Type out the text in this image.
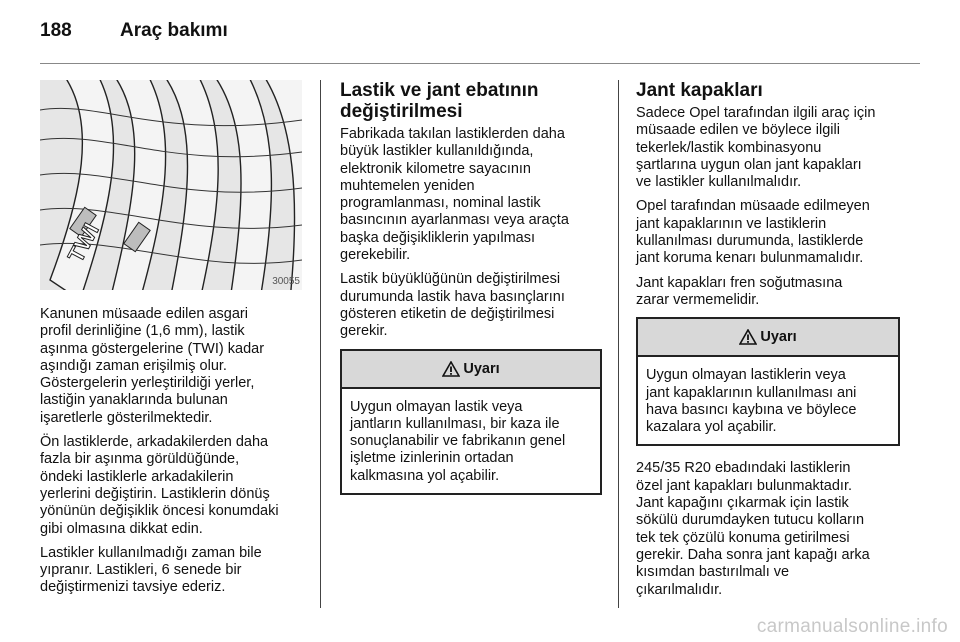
188	Araç bakımı
TWI
30055

Kanunen müsaade edilen asgari
profil derinliğine (1,6 mm), lastik
aşınma göstergelerine (TWI) kadar
aşındığı zaman erişilmiş olur.
Göstergelerin yerleştirildiği yerler,
lastiğin yanaklarında bulunan
işaretlerle gösterilmektedir.

Ön lastiklerde, arkadakilerden daha
fazla bir aşınma görüldüğünde,
öndeki lastiklerle arkadakilerin
yerlerini değiştirin. Lastiklerin dönüş
yönünün değişiklik öncesi konumdaki
gibi olmasına dikkat edin.

Lastikler kullanılmadığı zaman bile
yıpranır. Lastikleri, 6 senede bir
değiştirmenizi tavsiye ederiz.

Lastik ve jant ebatının
değiştirilmesi

Fabrikada takılan lastiklerden daha
büyük lastikler kullanıldığında,
elektronik kilometre sayacının
muhtemelen yeniden
programlanması, nominal lastik
basıncının ayarlanması veya araçta
başka değişikliklerin yapılması
gerekebilir.

Lastik büyüklüğünün değiştirilmesi
durumunda lastik hava basınçlarını
gösteren etiketin de değiştirilmesi
gerekir.

Uyarı
Uygun olmayan lastik veya
jantların kullanılması, bir kaza ile
sonuçlanabilir ve fabrikanın genel
işletme izinlerinin ortadan
kalkmasına yol açabilir.
Jant kapakları

Sadece Opel tarafından ilgili araç için
müsaade edilen ve böylece ilgili
tekerlek/lastik kombinasyonu
şartlarına uygun olan jant kapakları
ve lastikler kullanılmalıdır.

Opel tarafından müsaade edilmeyen
jant kapaklarının ve lastiklerin
kullanılması durumunda, lastiklerde
jant koruma kenarı bulunmamalıdır.

Jant kapakları fren soğutmasına
zarar vermemelidir.

Uyarı
Uygun olmayan lastiklerin veya
jant kapaklarının kullanılması ani
hava basıncı kaybına ve böylece
kazalara yol açabilir.

245/35 R20 ebadındaki lastiklerin
özel jant kapakları bulunmaktadır.
Jant kapağını çıkarmak için lastik
sökülü durumdayken tutucu kolların
tek tek çözülü konuma getirilmesi
gerekir. Daha sonra jant kapağı arka
kısımdan bastırılmalı ve
çıkarılmalıdır.

carmanualsonline.info
